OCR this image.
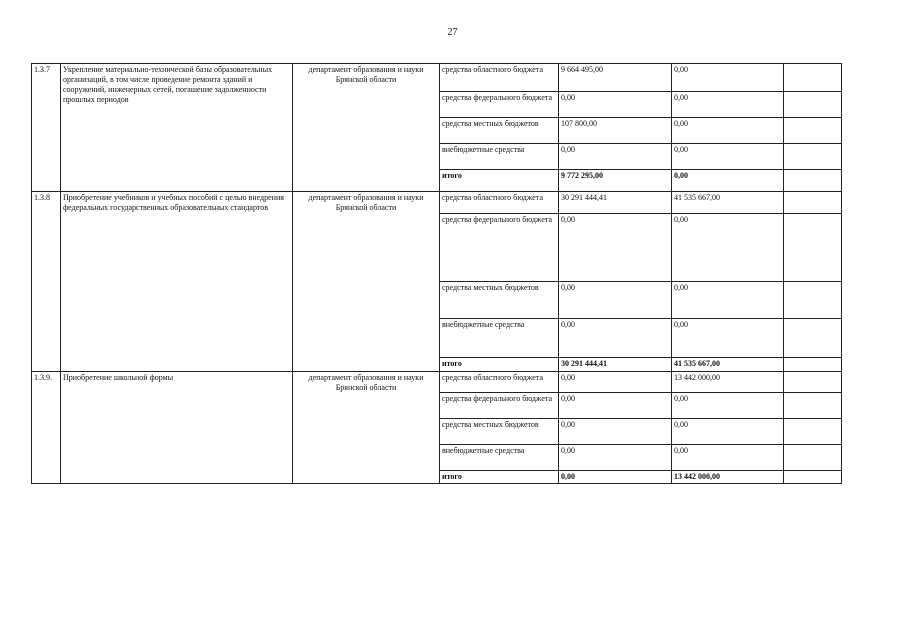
27
1.3.7	Укрепление материально-технической базы образовательных организаций, в том числе проведение ремонта зданий и сооружений, инженерных сетей, погашение задолженности прошлых периодов	департамент образования и науки Брянской области	средства областного бюджета	9 664 495,00	0,00	
			средства федерального бюджета	0,00	0,00	
			средства местных бюджетов	107 800,00	0,00	
			внебюджетные средства	0,00	0,00	
			итого	9 772 295,00	0,00	
1.3.8	Приобретение учебников и учебных пособий с целью внедрения федеральных государственных образовательных стандартов	департамент образования и науки Брянской области	средства областного бюджета	30 291 444,41	41 535 667,00	
			средства федерального бюджета	0,00	0,00	
			средства местных бюджетов	0,00	0,00	
			внебюджетные средства	0,00	0,00	
			итого	30 291 444,41	41 535 667,00	
1.3.9.	Приобретение школьной формы	департамент образования и науки Брянской области	средства областного бюджета	0,00	13 442 000,00	
			средства федерального бюджета	0,00	0,00	
			средства местных бюджетов	0,00	0,00	
			внебюджетные средства	0,00	0,00	
			итого	0,00	13 442 000,00	
